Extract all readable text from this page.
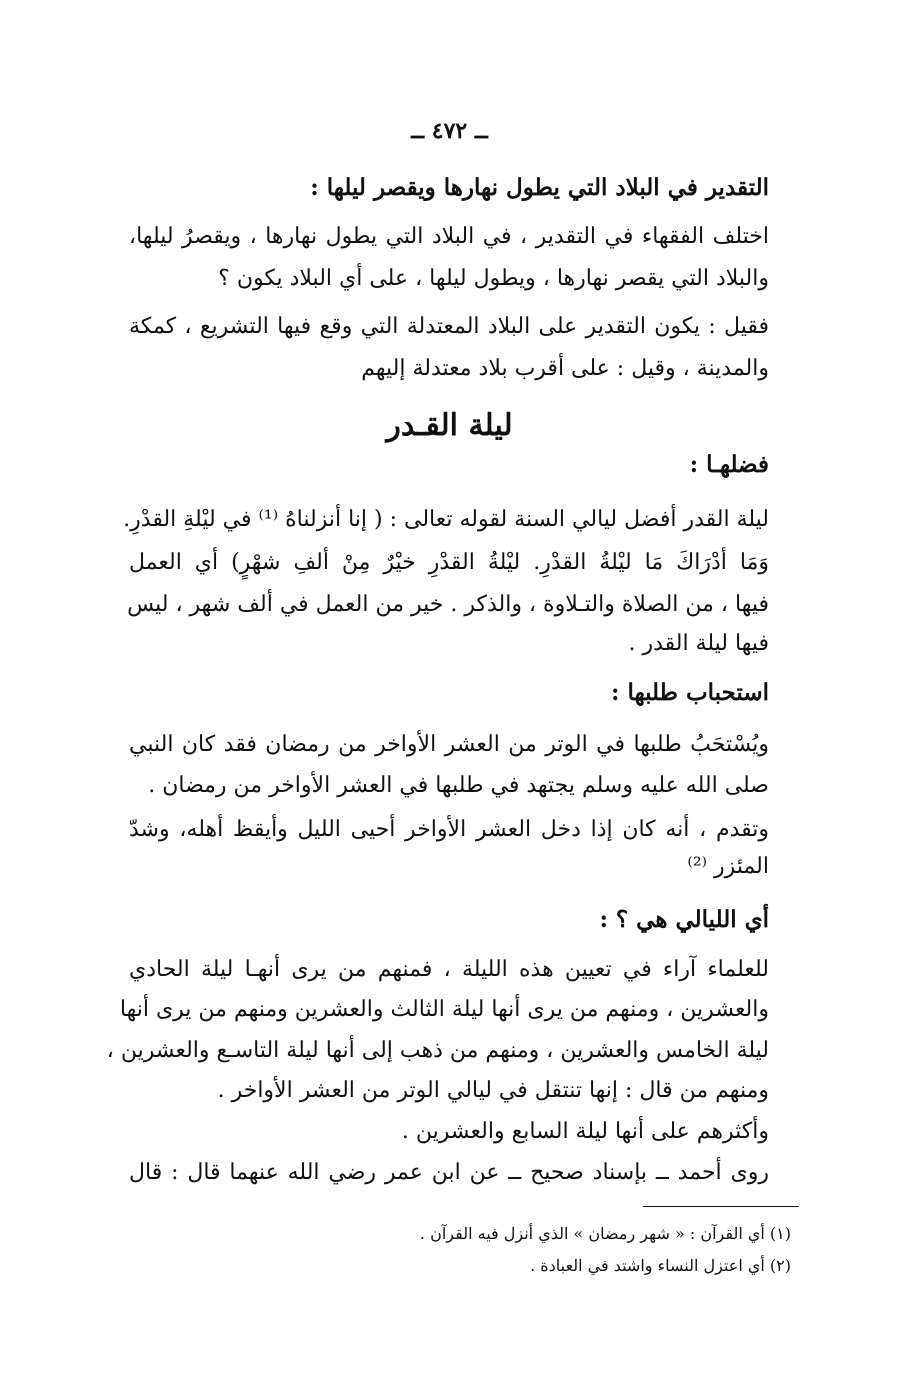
ــ ٤٧٢ ــ
التقدير في البلاد التي يطول نهارها ويقصر ليلها :
اختلف الفقهاء في التقدير ، في البلاد التي يطول نهارها ، ويقصرُ ليلها،
والبلاد التي يقصر نهارها ، ويطول ليلها ، على أي البلاد يكون ؟
فقيل : يكون التقدير على البلاد المعتدلة التي وقع فيها التشريع ، كمكة
والمدينة ، وقيل : على أقرب بلاد معتدلة إليهم
ليلة القـدر
فضلهـا :
ليلة القدر أفضل ليالي السنة لقوله تعالى : ( إنا أنزلناهُ ⁽¹⁾ في ليْلةِ القدْرِ.
وَمَا أدْرَاكَ مَا ليْلةُ القدْرِ. ليْلةُ القدْرِ خيْرٌ مِنْ ألفِ شهْرٍ) أي العمل
فيها ، من الصلاة والتـلاوة ، والذكر . خير من العمل في ألف شهر ، ليس
فيها ليلة القدر .
استحباب طلبها :
ويُسْتحَبُ طلبها في الوتر من العشر الأواخر من رمضان فقد كان النبي
صلى الله عليه وسلم يجتهد في طلبها في العشر الأواخر من رمضان .
وتقدم ، أنه كان إذا دخل العشر الأواخر أحيى الليل وأيقظ أهله، وشدّ
المئزر ⁽²⁾
أي الليالي هي ؟ :
للعلماء آراء في تعيين هذه الليلة ، فمنهم من يرى أنهـا ليلة الحادي
والعشرين ، ومنهم من يرى أنها ليلة الثالث والعشرين ومنهم من يرى أنها
ليلة الخامس والعشرين ، ومنهم من ذهب إلى أنها ليلة التاسـع والعشرين ،
ومنهم من قال : إنها تنتقل في ليالي الوتر من العشر الأواخر .
وأكثرهم على أنها ليلة السابع والعشرين .
روى أحمد ــ بإسناد صحيح ــ عن ابن عمر رضي الله عنهما قال : قال
(١) أي القرآن : « شهر رمضان » الذي أنزل فيه القرآن .
(٢) أي اعتزل النساء واشتد في العبادة .
